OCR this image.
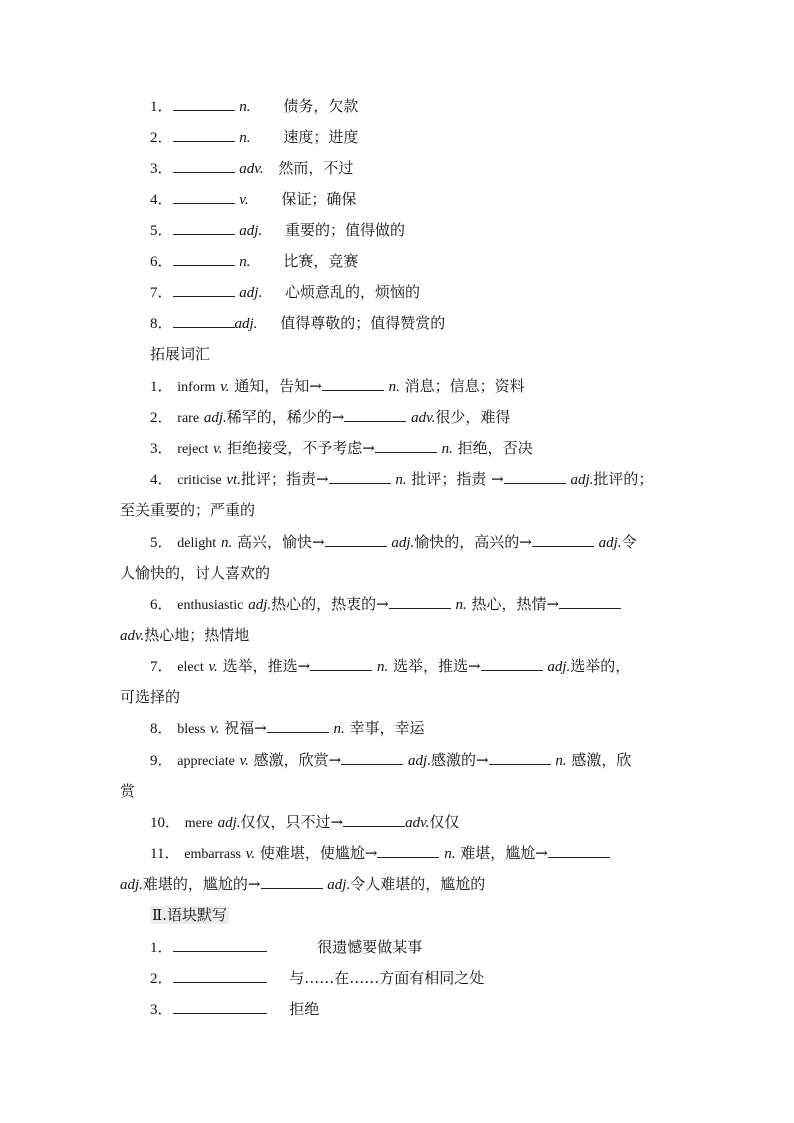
1．	n. 债务，欠款
2．	n. 速度；进度
3．	adv. 然而，不过
4．	v. 保证；确保
5．	adj. 重要的；值得做的
6．	n. 比赛，竞赛
7．	adj. 心烦意乱的，烦恼的
8．	adj. 值得尊敬的；值得赞赏的
拓展词汇
1． inform v. 通知，告知→	n. 消息；信息；资料
2． rare adj.稀罕的，稀少的→	adv.很少，难得
3． reject v. 拒绝接受，不予考虑→	n. 拒绝，否决
4． criticise vt.批评；指责→	n. 批评；指责 →	adj.批评的；
至关重要的；严重的
5． delight n. 高兴，愉快→	adj.愉快的，高兴的→	adj.令
人愉快的，讨人喜欢的
6． enthusiastic adj.热心的，热衷的→	n. 热心，热情→
adv.热心地；热情地
7． elect v. 选举，推选→	n. 选举，推选→	adj.选举的，
可选择的
8． bless v. 祝福→	n. 幸事，幸运
9． appreciate v. 感激，欣赏→	adj.感激的→	n. 感激，欣
赏
10． mere adj.仅仅，只不过→	adv.仅仅
11． embarrass v. 使难堪，使尴尬→	n. 难堪，尴尬→
adj.难堪的，尴尬的→	adj.令人难堪的，尴尬的
Ⅱ.语块默写
1．	很遗憾要做某事
2．	与……在……方面有相同之处
3．	拒绝
